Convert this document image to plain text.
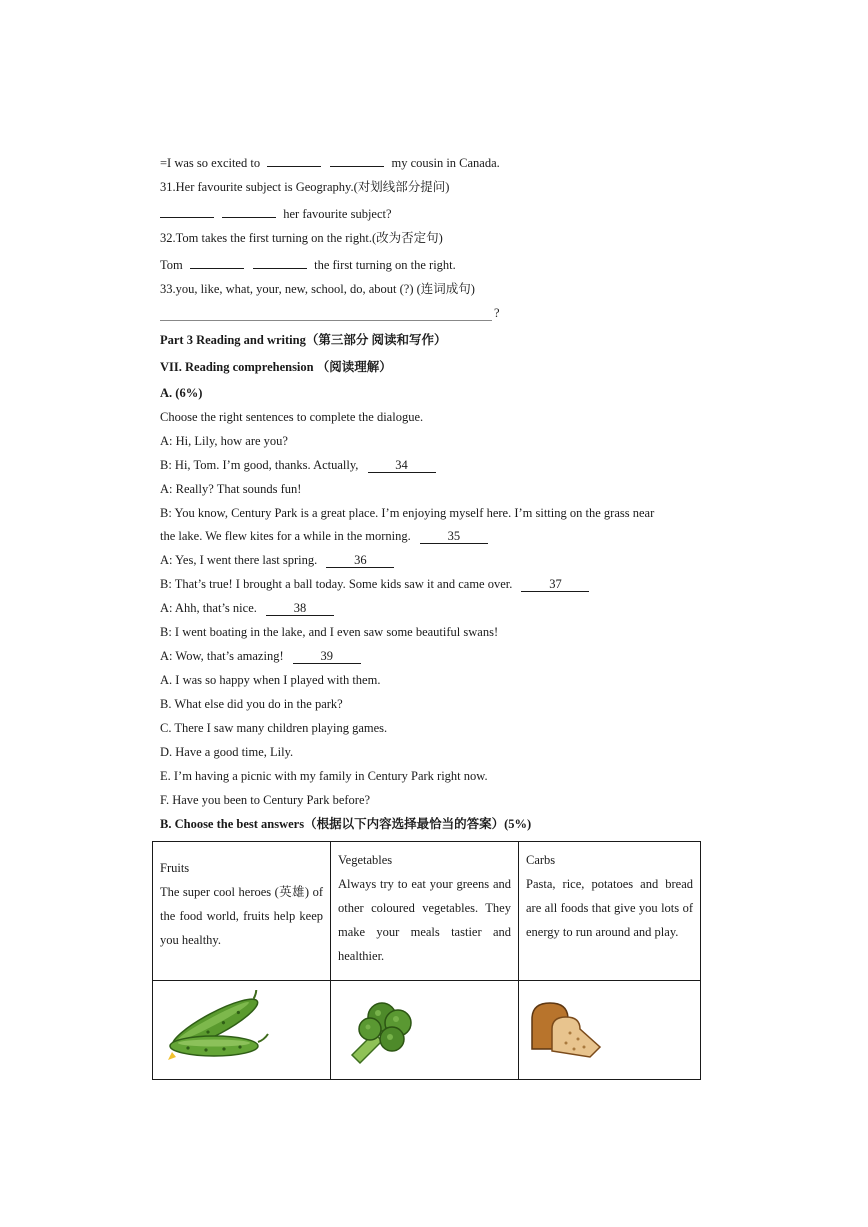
=I was so excited to	my cousin in Canada.
31.Her favourite subject is Geography.(对划线部分提问)
her favourite subject?
32.Tom takes the first turning on the right.(改为否定句)
Tom	the first turning on the right.
33.you, like, what, your, new, school, do, about (?) (连词成句)
?
Part 3 Reading and writing（第三部分 阅读和写作）
VII. Reading comprehension （阅读理解）
A. (6%)
Choose the right sentences to complete the dialogue.
A: Hi, Lily, how are you?
B: Hi, Tom. I’m good, thanks. Actually,	34
A: Really? That sounds fun!
B: You know, Century Park is a great place. I’m enjoying myself here. I’m sitting on the grass near
the lake. We flew kites for a while in the morning.	35
A: Yes, I went there last spring.	36
B: That’s true! I brought a ball today. Some kids saw it and came over.	37
A: Ahh, that’s nice.	38
B: I went boating in the lake, and I even saw some beautiful swans!
A: Wow, that’s amazing!	39
A. I was so happy when I played with them.
B. What else did you do in the park?
C. There I saw many children playing games.
D. Have a good time, Lily.
E. I’m having a picnic with my family in Century Park right now.
F. Have you been to Century Park before?
B. Choose the best answers（根据以下内容选择最恰当的答案）(5%)
Fruits
The super cool heroes (英雄) of the food world, fruits help keep you healthy.	Vegetables
Always try to eat your greens and other coloured vegetables. They make your meals tastier and healthier.	Carbs
Pasta, rice, potatoes and bread are all foods that give you lots of energy to run around and play.
